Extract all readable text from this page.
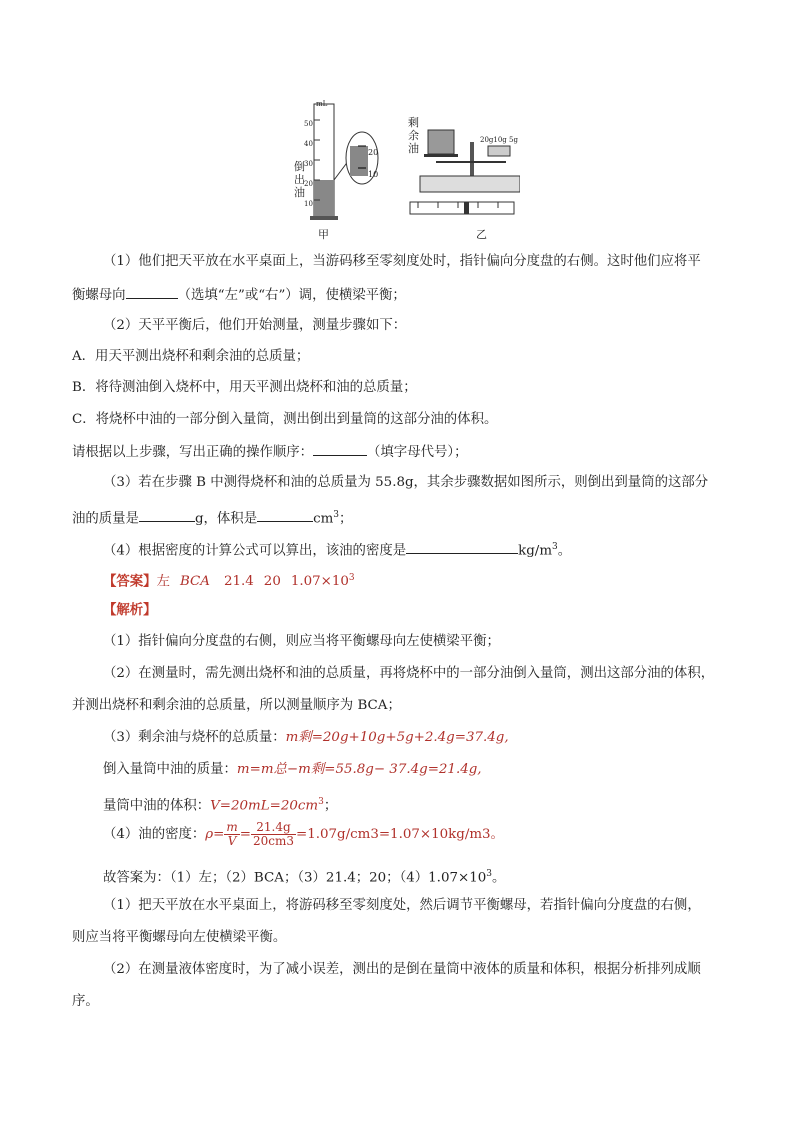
mL
50
40
30
20
10
20
10
倒出油
剩余油
20g10g 5g
甲	乙
（1）他们把天平放在水平桌面上，当游码移至零刻度处时，指针偏向分度盘的右侧。这时他们应将平
衡螺母向	（选填“左”或“右”）调，使横梁平衡；
（2）天平平衡后，他们开始测量，测量步骤如下：
A．用天平测出烧杯和剩余油的总质量；
B．将待测油倒入烧杯中，用天平测出烧杯和油的总质量；
C．将烧杯中油的一部分倒入量筒，测出倒出到量筒的这部分油的体积。
请根据以上步骤，写出正确的操作顺序：	（填字母代号）；
（3）若在步骤 B 中测得烧杯和油的总质量为 55.8g，其余步骤数据如图所示，则倒出到量筒的这部分
油的质量是	g，体积是	$cm^3$；
（4）根据密度的计算公式可以算出，该油的密度是	$kg/m^3$。
【答案】左 BCA 21.4 20 $1.07\times 10^3$
【解析】
（1）指针偏向分度盘的右侧，则应当将平衡螺母向左使横梁平衡；
（2）在测量时，需先测出烧杯和油的总质量，再将烧杯中的一部分油倒入量筒，测出这部分油的体积，
并测出烧杯和剩余油的总质量，所以测量顺序为 BCA；
（3）剩余油与烧杯的总质量：m剩=20g+10g+5g+2.4g=37.4g,
倒入量筒中油的质量：m=m总−m剩=55.8g− 37.4g=21.4g,
量筒中油的体积：$V=20mL=20cm^3$；
（4）油的密度：$\rho= \frac{m}{V} = \frac{21.4g}{20cm3} =1.07g/cm3=1.07\times 10kg/m3$。
故答案为：（1）左；（2）BCA；（3）21.4；20；$(4)1.07\times 10^3$。
（1）把天平放在水平桌面上，将游码移至零刻度处，然后调节平衡螺母，若指针偏向分度盘的右侧，
则应当将平衡螺母向左使横梁平衡。
（2）在测量液体密度时，为了减小误差，测出的是倒在量筒中液体的质量和体积，根据分析排列成顺
序。
